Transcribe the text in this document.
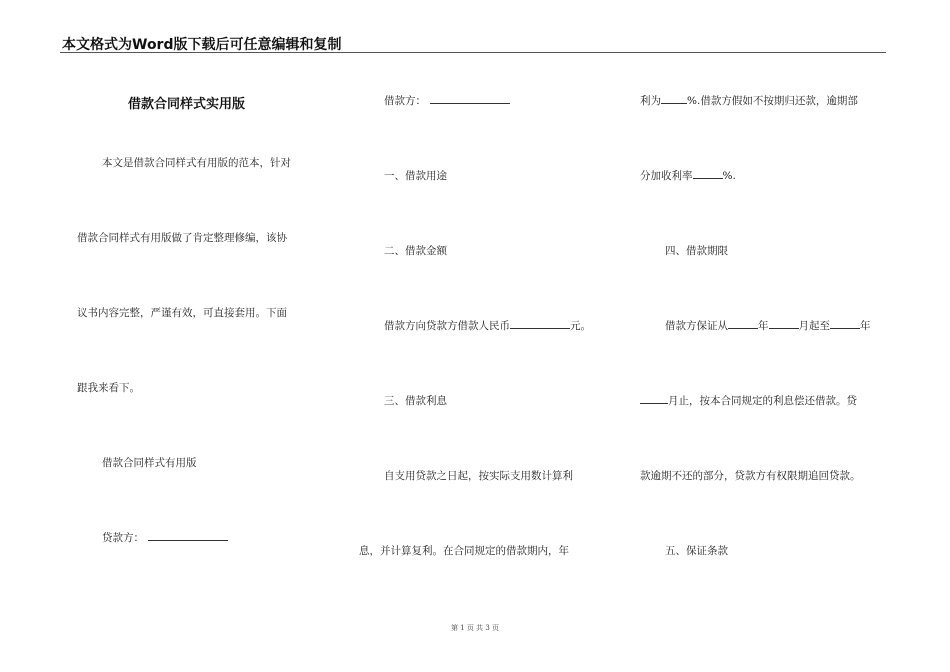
本文格式为Word版下载后可任意编辑和复制
借款合同样式实用版
本文是借款合同样式有用版的范本，针对
借款合同样式有用版做了肯定整理修编，该协
议书内容完整，严谨有效，可直接套用。下面
跟我来看下。
借款合同样式有用版
贷款方：
借款方：
一、借款用途
二、借款金额
借款方向贷款方借款人民币	元。
三、借款利息
自支用贷款之日起，按实际支用数计算利
息，并计算复利。在合同规定的借款期内，年
利为 %.借款方假如不按期归还款，逾期部
分加收利率	%.
四、借款期限
借款方保证从	年	月起至	年
月止，按本合同规定的利息偿还借款。贷
款逾期不还的部分，贷款方有权限期追回贷款。
五、保证条款
第 1 页 共 3 页
